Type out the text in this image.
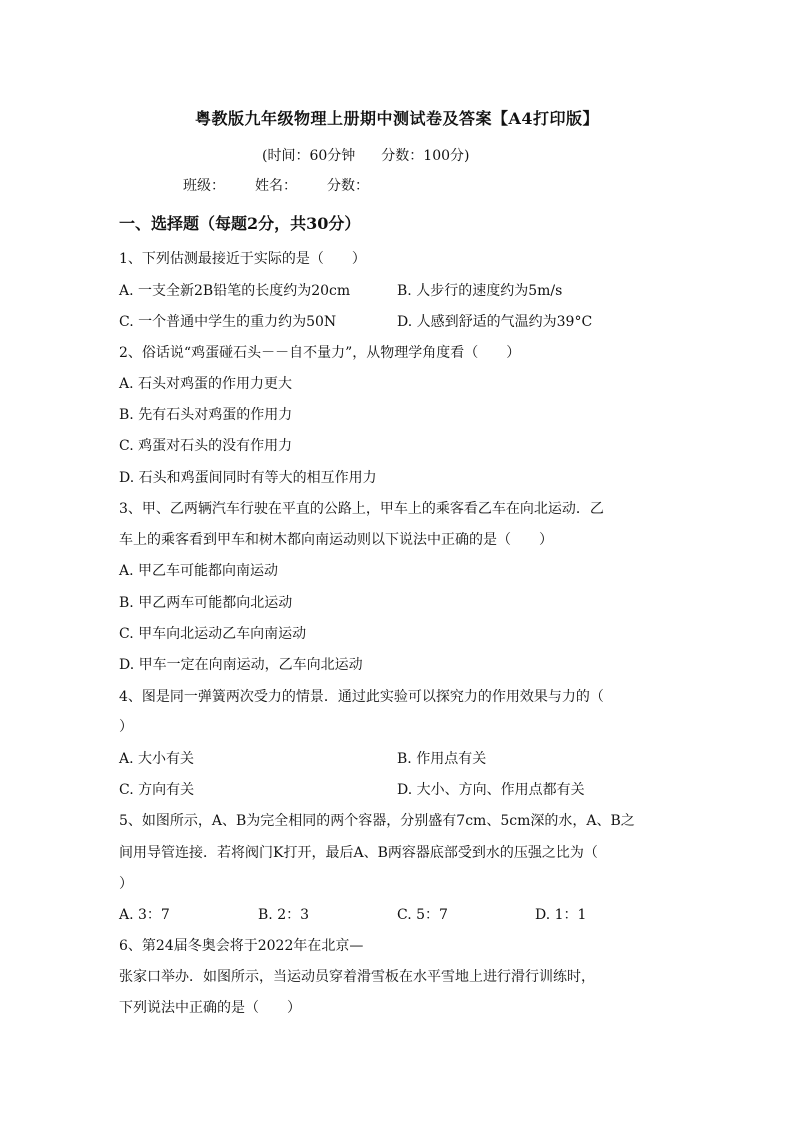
粤教版九年级物理上册期中测试卷及答案【A4打印版】
(时间：60分钟 分数：100分)
班级： 姓名： 分数：
一、选择题（每题2分，共30分）
1、下列估测最接近于实际的是（　　）
A. 一支全新2B铅笔的长度约为20cm	B. 人步行的速度约为5m/s
C. 一个普通中学生的重力约为50N	D. 人感到舒适的气温约为39°C
2、俗话说“鸡蛋碰石头－－自不量力”，从物理学角度看（　　）
A. 石头对鸡蛋的作用力更大
B. 先有石头对鸡蛋的作用力
C. 鸡蛋对石头的没有作用力
D. 石头和鸡蛋间同时有等大的相互作用力
3、甲、乙两辆汽车行驶在平直的公路上，甲车上的乘客看乙车在向北运动．乙
车上的乘客看到甲车和树木都向南运动则以下说法中正确的是（　　）
A. 甲乙车可能都向南运动
B. 甲乙两车可能都向北运动
C. 甲车向北运动乙车向南运动
D. 甲车一定在向南运动，乙车向北运动
4、图是同一弹簧两次受力的情景．通过此实验可以探究力的作用效果与力的（
）
A. 大小有关	B. 作用点有关
C. 方向有关	D. 大小、方向、作用点都有关
5、如图所示，A、B为完全相同的两个容器，分别盛有7cm、5cm深的水，A、B之
间用导管连接．若将阀门K打开，最后A、B两容器底部受到水的压强之比为（
）
A. 3：7	B. 2：3	C. 5：7	D. 1：1
6、第24届冬奥会将于2022年在北京—
张家口举办．如图所示，当运动员穿着滑雪板在水平雪地上进行滑行训练时，
下列说法中正确的是（　　）
